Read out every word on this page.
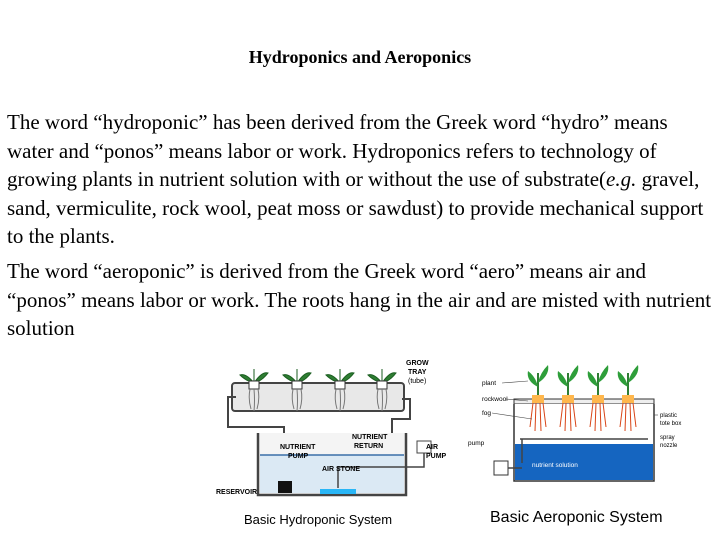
Hydroponics and Aeroponics

The word “hydroponic” has been derived from the Greek word “hydro” means water and “ponos” means labor or work. Hydroponics refers to technology of growing plants in nutrient solution with or without the use of substrate(e.g. gravel, sand, vermiculite, rock wool, peat moss or sawdust) to provide mechanical support to the plants.

The word “aeroponic” is derived from the Greek word “aero” means air and “ponos” means labor or work. The roots hang in the air and are misted with nutrient solution

GROW
TRAY
(tube)
NUTRIENT
PUMP
NUTRIENT
RETURN	AIR
PUMP
AIR STONE
RESERVOIR
plant
rockwool
fog
pump
plastic
tote box
spray
nozzle
nutrient solution
Basic Hydroponic System	Basic Aeroponic System
